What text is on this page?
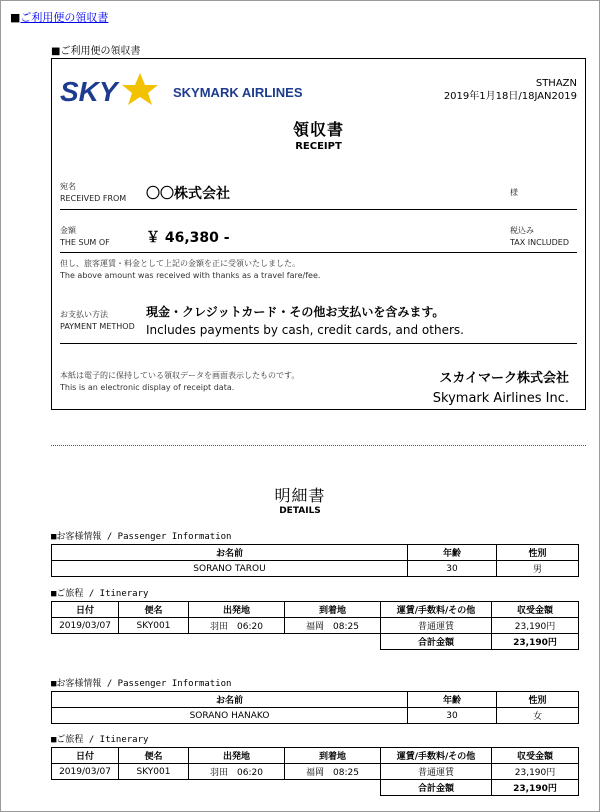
■ご利用便の領収書
■ご利用便の領収書
SKY	SKYMARK AIRLINES
STHAZN
2019年1月18日/18JAN2019
領収書
RECEIPT
宛名
RECEIVED FROM 〇〇株式会社	様
金額
THE SUM OF	￥ 46,380 -	税込み
TAX INCLUDED
但し、旅客運賃・料金として上記の金額を正に受領いたしました。
The above amount was received with thanks as a travel fare/fee.
お支払い方法
PAYMENT METHOD
現金・クレジットカード・その他お支払いを含みます。
Includes payments by cash, credit cards, and others.
本紙は電子的に保持している領収データを画面表示したものです。
This is an electronic display of receipt data.
スカイマーク株式会社
Skymark Airlines Inc.
明細書
DETAILS
■お客様情報 / Passenger Information
お名前	年齢	性別
SORANO TAROU	30	男
■ご旅程 / Itinerary
日付	便名	出発地	到着地	運賃/手数料/その他	収受金額
2019/03/07	SKY001	羽田　06:20	福岡　08:25	普通運賃	23,190円
				合計金額	23,190円
■お客様情報 / Passenger Information
お名前	年齢	性別
SORANO HANAKO	30	女
■ご旅程 / Itinerary
日付	便名	出発地	到着地	運賃/手数料/その他	収受金額
2019/03/07	SKY001	羽田　06:20	福岡　08:25	普通運賃	23,190円
				合計金額	23,190円
